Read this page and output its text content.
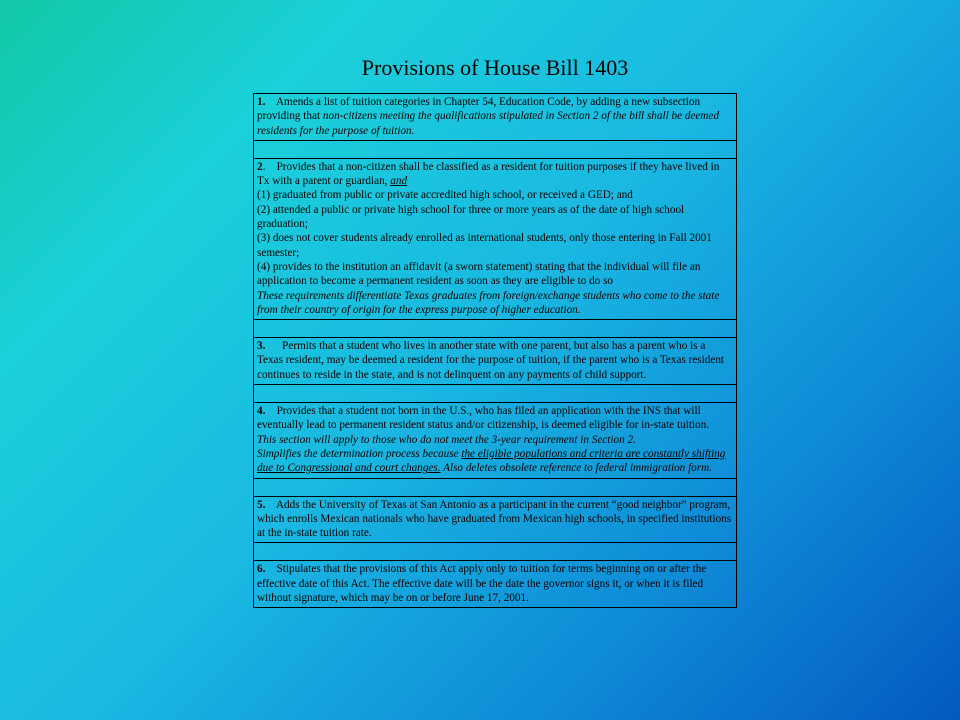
Provisions of House Bill 1403
1. Amends a list of tuition categories in Chapter 54, Education Code, by adding a new subsection providing that non-citizens meeting the qualifications stipulated in Section 2 of the bill shall be deemed residents for the purpose of tuition.

2. Provides that a non-citizen shall be classified as a resident for tuition purposes if they have lived in Tx with a parent or guardian, and
(1) graduated from public or private accredited high school, or received a GED; and
(2) attended a public or private high school for three or more years as of the date of high school graduation;
(3) does not cover students already enrolled as international students, only those entering in Fall 2001 semester;
(4) provides to the institution an affidavit (a sworn statement) stating that the individual will file an application to become a permanent resident as soon as they are eligible to do so
These requirements differentiate Texas graduates from foreign/exchange students who come to the state from their country of origin for the express purpose of higher education.

3. Permits that a student who lives in another state with one parent, but also has a parent who is a Texas resident, may be deemed a resident for the purpose of tuition, if the parent who is a Texas resident continues to reside in the state, and is not delinquent on any payments of child support.

4. Provides that a student not born in the U.S., who has filed an application with the INS that will eventually lead to permanent resident status and/or citizenship, is deemed eligible for in-state tuition.
This section will apply to those who do not meet the 3-year requirement in Section 2.
Simplifies the determination process because the eligible populations and criteria are constantly shifting due to Congressional and court changes. Also deletes obsolete reference to federal immigration form.

5. Adds the University of Texas at San Antonio as a participant in the current “good neighbor” program, which enrolls Mexican nationals who have graduated from Mexican high schools, in specified institutions at the in-state tuition rate.

6. Stipulates that the provisions of this Act apply only to tuition for terms beginning on or after the effective date of this Act. The effective date will be the date the governor signs it, or when it is filed without signature, which may be on or before June 17, 2001.
